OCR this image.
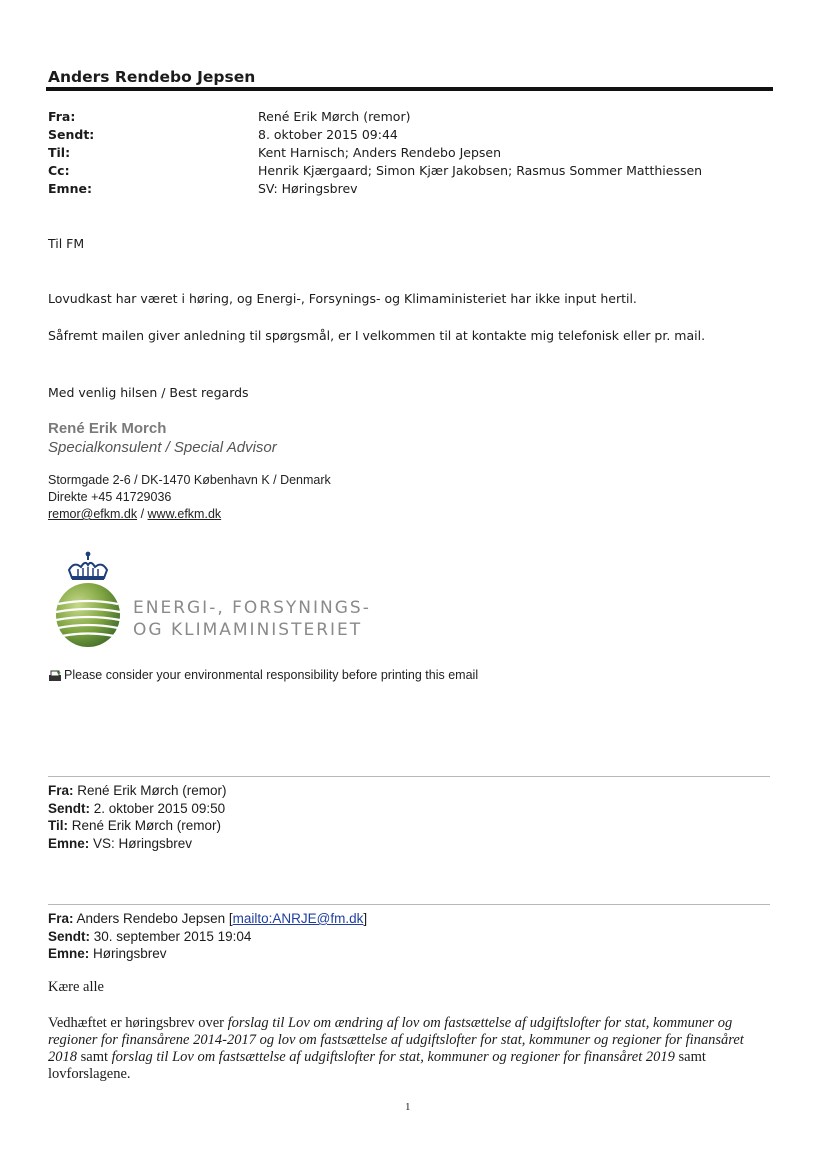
Anders Rendebo Jepsen
Fra:	René Erik Mørch (remor)
Sendt:	8. oktober 2015 09:44
Til:	Kent Harnisch; Anders Rendebo Jepsen
Cc:	Henrik Kjærgaard; Simon Kjær Jakobsen; Rasmus Sommer Matthiessen
Emne:	SV: Høringsbrev
Til FM
Lovudkast har været i høring, og Energi-, Forsynings- og Klimaministeriet har ikke input hertil.
Såfremt mailen giver anledning til spørgsmål, er I velkommen til at kontakte mig telefonisk eller pr. mail.
Med venlig hilsen / Best regards
René Erik Morch
Specialkonsulent / Special Advisor
Stormgade 2-6 / DK-1470 København K / Denmark
Direkte +45 41729036
remor@efkm.dk / www.efkm.dk
ENERGI-, FORSYNINGS-
OG KLIMAMINISTERIET
Please consider your environmental responsibility before printing this email
Fra: René Erik Mørch (remor)
Sendt: 2. oktober 2015 09:50
Til: René Erik Mørch (remor)
Emne: VS: Høringsbrev
Fra: Anders Rendebo Jepsen [mailto:ANRJE@fm.dk]
Sendt: 30. september 2015 19:04
Emne: Høringsbrev
Kære alle
Vedhæftet er høringsbrev over forslag til Lov om ændring af lov om fastsættelse af udgiftslofter for stat, kommuner og regioner for finansårene 2014-2017 og lov om fastsættelse af udgiftslofter for stat, kommuner og regioner for finansåret 2018 samt forslag til Lov om fastsættelse af udgiftslofter for stat, kommuner og regioner for finansåret 2019 samt lovforslagene.
1
